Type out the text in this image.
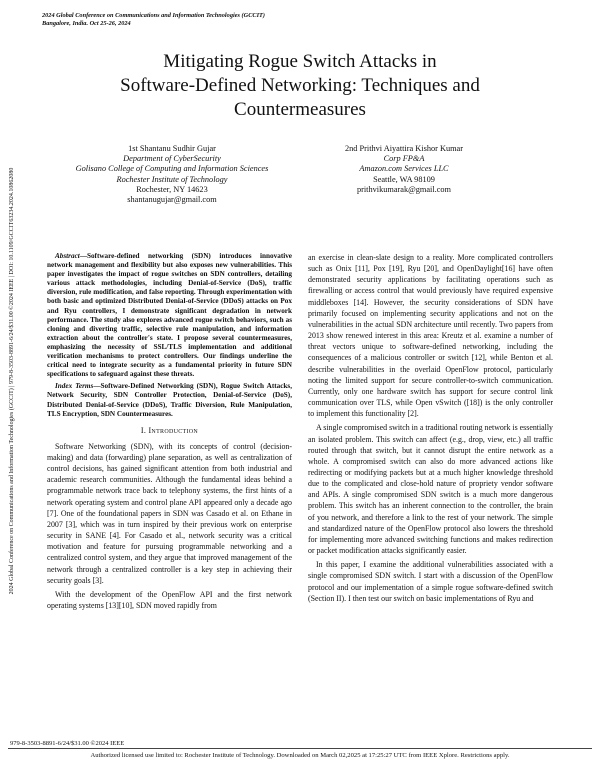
2024 Global Conference on Communications and Information Technologies (GCCIT)
Bangalore, India. Oct 25-26, 2024
2024 Global Conference on Communications and Information Technologies (GCCIT) | 979-8-3503-8891-6/24/$31.00 ©2024 IEEE | DOI: 10.1109/GCCIT63234.2024.10862080
Mitigating Rogue Switch Attacks in
Software-Defined Networking: Techniques and
Countermeasures
1st Shantanu Sudhir Gujar
Department of CyberSecurity
Golisano College of Computing and Information Sciences
Rochester Institute of Technology
Rochester, NY 14623
shantanugujar@gmail.com
2nd Prithvi Aiyattira Kishor Kumar
Corp FP&A
Amazon.com Services LLC
Seattle, WA 98109
prithvikumarak@gmail.com

Abstract—Software-defined networking (SDN) introduces innovative network management and flexibility but also exposes new vulnerabilities. This paper investigates the impact of rogue switches on SDN controllers, detailing various attack methodologies, including Denial-of-Service (DoS), traffic diversion, rule modification, and false reporting. Through experimentation with both basic and optimized Distributed Denial-of-Service (DDoS) attacks on Pox and Ryu controllers, I demonstrate significant degradation in network performance. The study also explores advanced rogue switch behaviors, such as cloning and diverting traffic, selective rule manipulation, and information extraction about the controller's state. I propose several countermeasures, emphasizing the necessity of SSL/TLS implementation and additional verification mechanisms to protect controllers. Our findings underline the critical need to integrate security as a fundamental priority in future SDN specifications to safeguard against these threats.

Index Terms—Software-Defined Networking (SDN), Rogue Switch Attacks, Network Security, SDN Controller Protection, Denial-of-Service (DoS), Distributed Denial-of-Service (DDoS), Traffic Diversion, Rule Manipulation, TLS Encryption, SDN Countermeasures.

I. Introduction

Software Networking (SDN), with its concepts of control (decision-making) and data (forwarding) plane separation, as well as centralization of control decisions, has gained significant attention from both industrial and academic research communities. Although the fundamental ideas behind a programmable network trace back to telephony systems, the first hints of a network operating system and control plane API appeared only a decade ago [7]. One of the foundational papers in SDN was Casado et al. on Ethane in 2007 [3], which was in turn inspired by their previous work on enterprise security in SANE [4]. For Casado et al., network security was a critical motivation and feature for pursuing programmable networking and a centralized control system, and they argue that improved management of the network through a centralized controller is a key step in achieving their security goals [3].

With the development of the OpenFlow API and the first network operating systems [13][10], SDN moved rapidly from

an exercise in clean-slate design to a reality. More complicated controllers such as Onix [11], Pox [19], Ryu [20], and OpenDaylight[16] have often demonstrated security applications by facilitating operations such as firewalling or access control that would previously have required expensive middleboxes [14]. However, the security considerations of SDN have primarily focused on implementing security applications and not on the vulnerabilities in the actual SDN architecture until recently. Two papers from 2013 show renewed interest in this area: Kreutz et al. examine a number of threat vectors unique to software-defined networking, including the consequences of a malicious controller or switch [12], while Benton et al. describe vulnerabilities in the overlaid OpenFlow protocol, particularly noting the limited support for secure controller-to-switch communication. Currently, only one hardware switch has support for secure control link communication over TLS, while Open vSwitch ([18]) is the only controller to implement this functionality [2].

A single compromised switch in a traditional routing network is essentially an isolated problem. This switch can affect (e.g., drop, view, etc.) all traffic routed through that switch, but it cannot disrupt the entire network as a whole. A compromised switch can also do more advanced actions like redirecting or modifying packets but at a much higher knowledge threshold due to the complicated and close-hold nature of propriety vendor software and APIs. A single compromised SDN switch is a much more dangerous problem. This switch has an inherent connection to the controller, the brain of you network, and therefore a link to the rest of your network. The simple and standardized nature of the OpenFlow protocol also lowers the threshold for implementing more advanced switching functions and makes redirection or packet modification attacks significantly easier.

In this paper, I examine the additional vulnerabilities associated with a single compromised SDN switch. I start with a discussion of the OpenFlow protocol and our implementation of a simple rogue software-defined switch (Section II). I then test our switch on basic implementations of Ryu and

979-8-3503-8891-6/24/$31.00 ©2024 IEEE
Authorized licensed use limited to: Rochester Institute of Technology. Downloaded on March 02,2025 at 17:25:27 UTC from IEEE Xplore. Restrictions apply.
